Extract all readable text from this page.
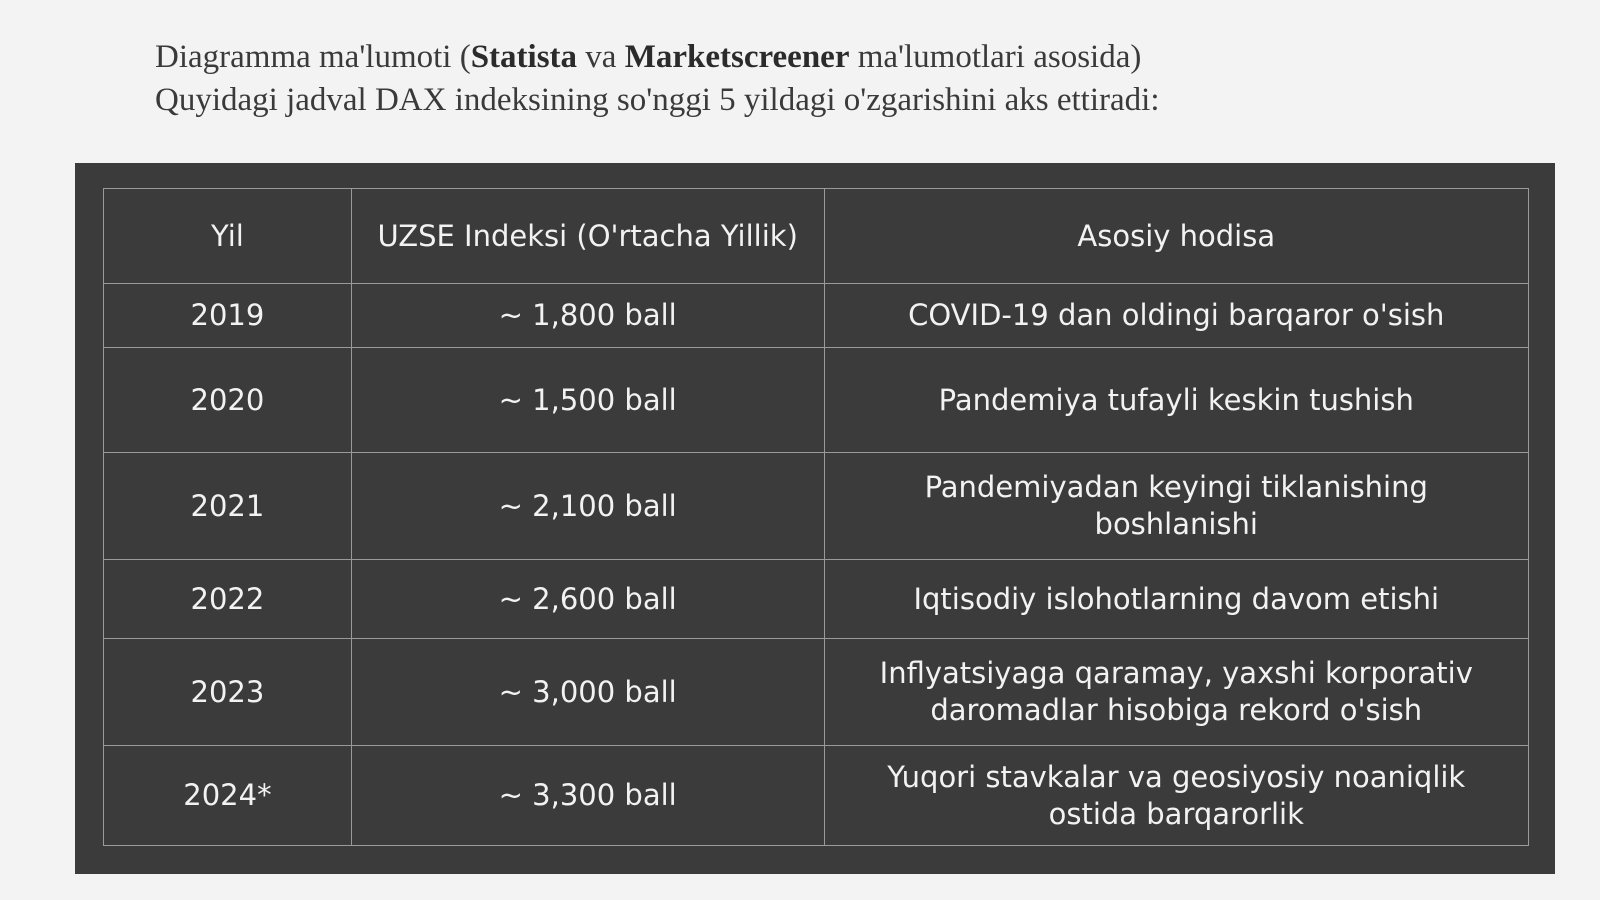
Diagramma ma'lumoti (Statista va Marketscreener ma'lumotlari asosida)
Quyidagi jadval DAX indeksining so'nggi 5 yildagi o'zgarishini aks ettiradi:
Yil	UZSE Indeksi (O'rtacha Yillik)	Asosiy hodisa
2019	~ 1,800 ball	COVID-19 dan oldingi barqaror o'sish
2020	~ 1,500 ball	Pandemiya tufayli keskin tushish
2021	~ 2,100 ball	Pandemiyadan keyingi tiklanishing boshlanishi
2022	~ 2,600 ball	Iqtisodiy islohotlarning davom etishi
2023	~ 3,000 ball	Inflyatsiyaga qaramay, yaxshi korporativ daromadlar hisobiga rekord o'sish
2024*	~ 3,300 ball	Yuqori stavkalar va geosiyosiy noaniqlik ostida barqarorlik
